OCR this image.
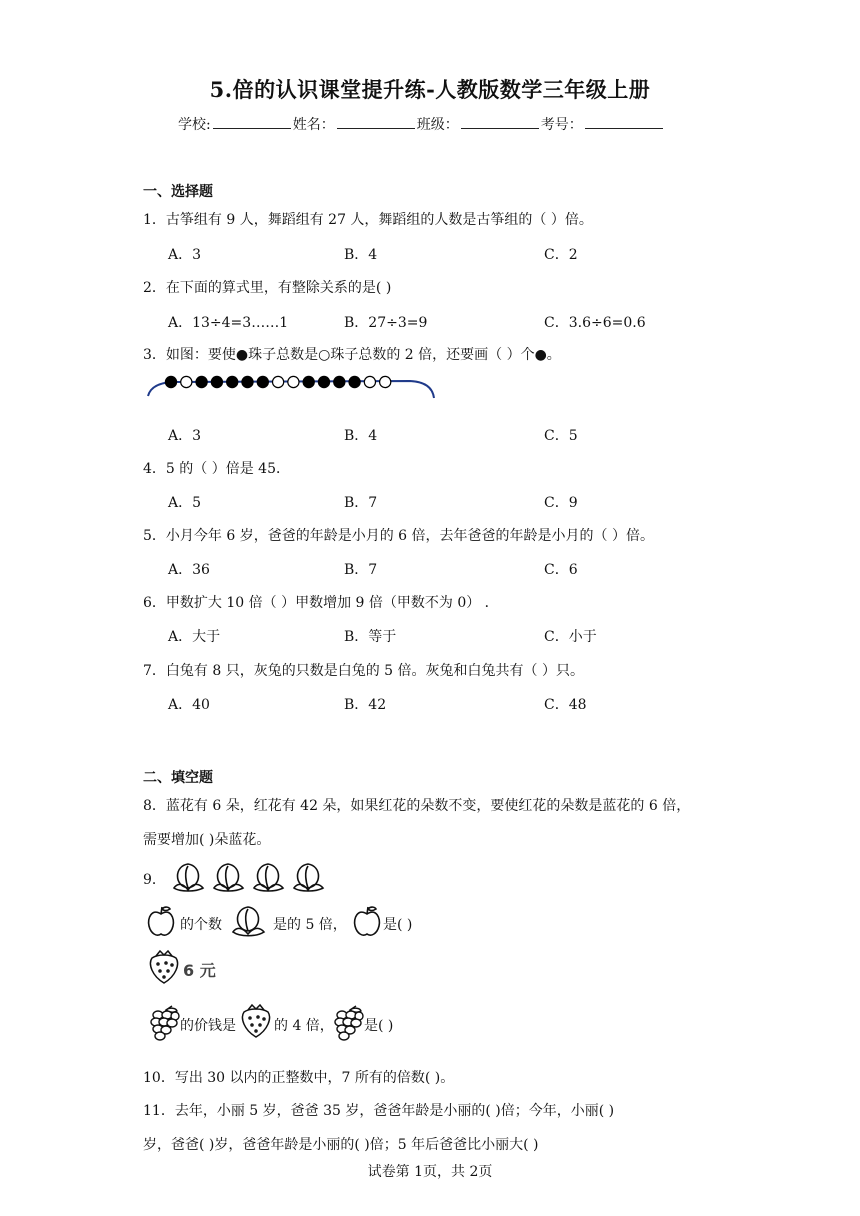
5.倍的认识课堂提升练-人教版数学三年级上册
学校:	姓名：	班级：	考号：
一、选择题
1．古筝组有 9 人，舞蹈组有 27 人，舞蹈组的人数是古筝组的（ ）倍。
A．3	B．4	C．2
2．在下面的算式里，有整除关系的是( )
A．13÷4=3……1	B．27÷3=9	C．3.6÷6=0.6
3．如图：要使●珠子总数是○珠子总数的 2 倍，还要画（ ）个●。
A．3	B．4	C．5
4．5 的（ ）倍是 45．
A．5	B．7	C．9
5．小月今年 6 岁，爸爸的年龄是小月的 6 倍，去年爸爸的年龄是小月的（ ）倍。
A．36	B．7	C．6
6．甲数扩大 10 倍（ ）甲数增加 9 倍（甲数不为 0） ．
A．大于	B．等于	C．小于
7．白兔有 8 只，灰兔的只数是白兔的 5 倍。灰兔和白兔共有（ ）只。
A．40	B．42	C．48
二、填空题
8．蓝花有 6 朵，红花有 42 朵，如果红花的朵数不变，要使红花的朵数是蓝花的 6 倍，
需要增加( )朵蓝花。
9．
的个数	是的 5 倍，	是( )
6 元
的价钱是	的 4 倍， 是( )
10．写出 30 以内的正整数中，7 所有的倍数( )。
11．去年，小丽 5 岁，爸爸 35 岁，爸爸年龄是小丽的( )倍；今年，小丽( )
岁，爸爸( )岁，爸爸年龄是小丽的( )倍；5 年后爸爸比小丽大( )
试卷第 1页，共 2页
